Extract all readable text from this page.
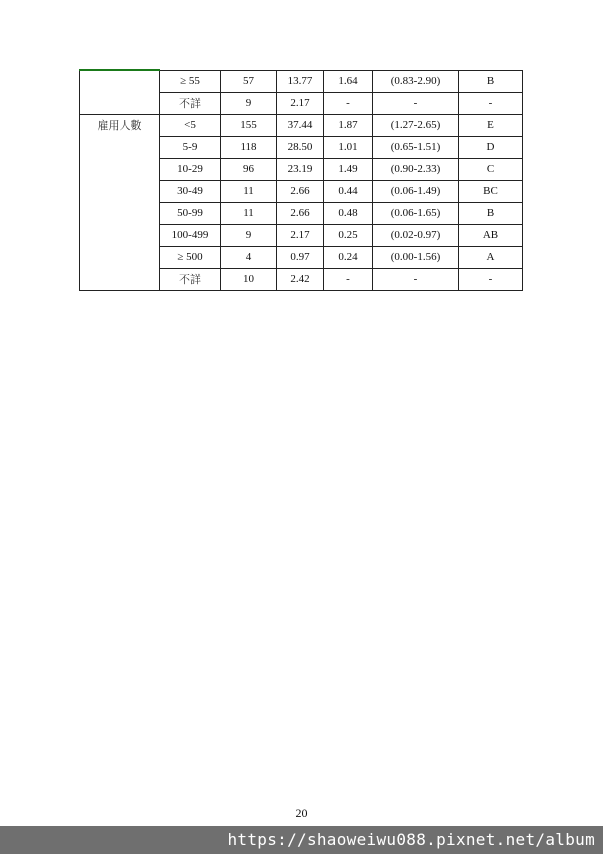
	≥ 55	57	13.77	1.64	(0.83-2.90)	B
	不詳	9	2.17	-	-	-
雇用人數	<5	155	37.44	1.87	(1.27-2.65)	E
	5-9	118	28.50	1.01	(0.65-1.51)	D
	10-29	96	23.19	1.49	(0.90-2.33)	C
	30-49	11	2.66	0.44	(0.06-1.49)	BC
	50-99	11	2.66	0.48	(0.06-1.65)	B
	100-499	9	2.17	0.25	(0.02-0.97)	AB
	≥ 500	4	0.97	0.24	(0.00-1.56)	A
	不詳	10	2.42	-	-	-
20
https://shaoweiwu088.pixnet.net/album
